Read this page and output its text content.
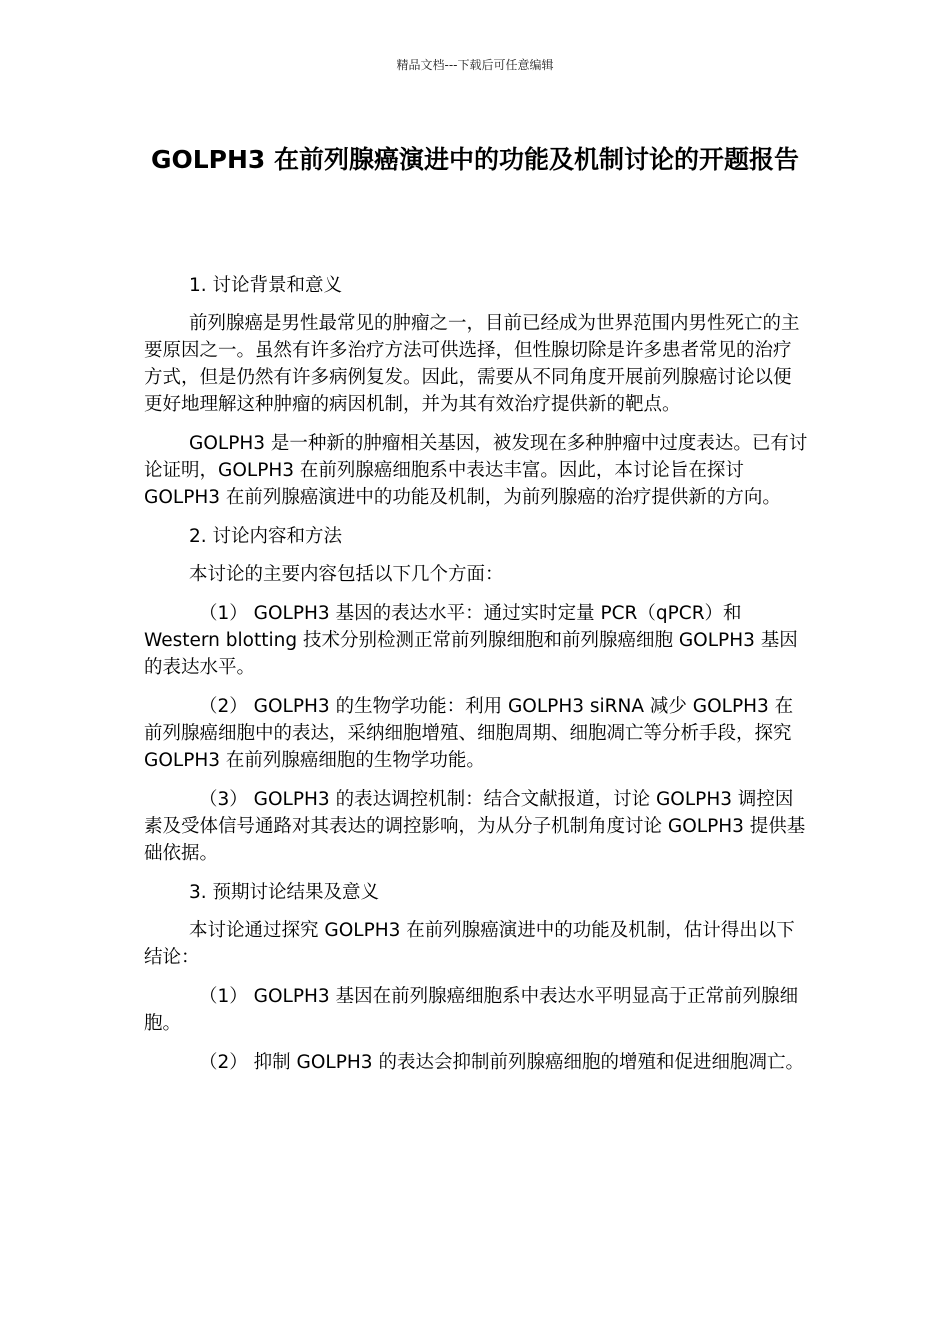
精品文档---下载后可任意编辑
GOLPH3 在前列腺癌演进中的功能及机制讨论的开题报告

1. 讨论背景和意义

前列腺癌是男性最常见的肿瘤之一，目前已经成为世界范围内男性死亡的主要原因之一。虽然有许多治疗方法可供选择，但性腺切除是许多患者常见的治疗方式，但是仍然有许多病例复发。因此，需要从不同角度开展前列腺癌讨论以便更好地理解这种肿瘤的病因机制，并为其有效治疗提供新的靶点。

GOLPH3 是一种新的肿瘤相关基因，被发现在多种肿瘤中过度表达。已有讨论证明，GOLPH3 在前列腺癌细胞系中表达丰富。因此，本讨论旨在探讨 GOLPH3 在前列腺癌演进中的功能及机制，为前列腺癌的治疗提供新的方向。

2. 讨论内容和方法

本讨论的主要内容包括以下几个方面：

（1） GOLPH3 基因的表达水平：通过实时定量 PCR（qPCR）和 Western blotting 技术分别检测正常前列腺细胞和前列腺癌细胞 GOLPH3 基因的表达水平。

（2） GOLPH3 的生物学功能：利用 GOLPH3 siRNA 减少 GOLPH3 在前列腺癌细胞中的表达，采纳细胞增殖、细胞周期、细胞凋亡等分析手段，探究 GOLPH3 在前列腺癌细胞的生物学功能。

（3） GOLPH3 的表达调控机制：结合文献报道，讨论 GOLPH3 调控因素及受体信号通路对其表达的调控影响，为从分子机制角度讨论 GOLPH3 提供基础依据。

3. 预期讨论结果及意义

本讨论通过探究 GOLPH3 在前列腺癌演进中的功能及机制，估计得出以下结论：

（1） GOLPH3 基因在前列腺癌细胞系中表达水平明显高于正常前列腺细胞。

（2） 抑制 GOLPH3 的表达会抑制前列腺癌细胞的增殖和促进细胞凋亡。
